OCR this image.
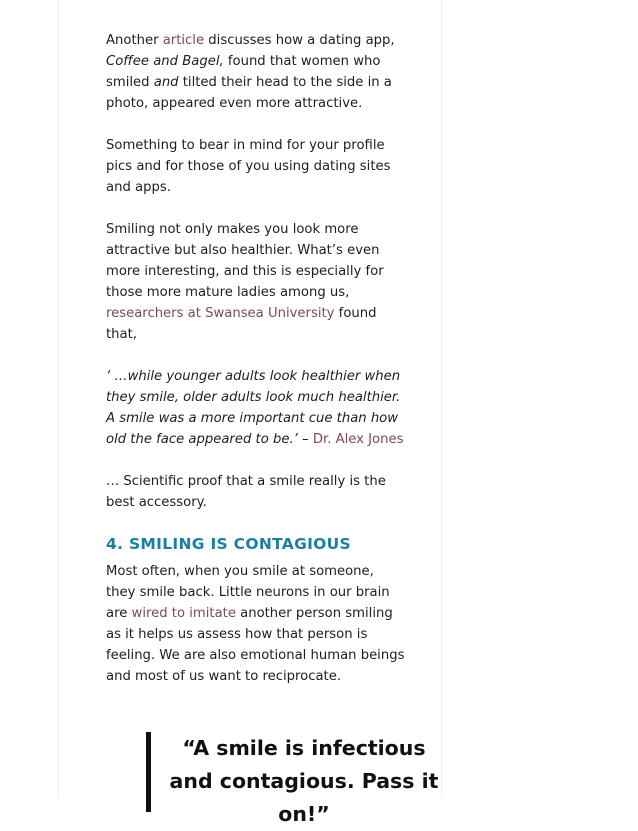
Another article discusses how a dating app, Coffee and Bagel, found that women who smiled and tilted their head to the side in a photo, appeared even more attractive.

Something to bear in mind for your profile pics and for those of you using dating sites and apps.

Smiling not only makes you look more attractive but also healthier. What’s even more interesting, and this is especially for those more mature ladies among us, researchers at Swansea University found that,

‘ …while younger adults look healthier when they smile, older adults look much healthier. A smile was a more important cue than how old the face appeared to be.’ – Dr. Alex Jones

… Scientific proof that a smile really is the best accessory.

4. SMILING IS CONTAGIOUS

Most often, when you smile at someone, they smile back. Little neurons in our brain are wired to imitate another person smiling as it helps us assess how that person is feeling. We are also emotional human beings and most of us want to reciprocate.

“A smile is infectious and contagious. Pass it on!”
